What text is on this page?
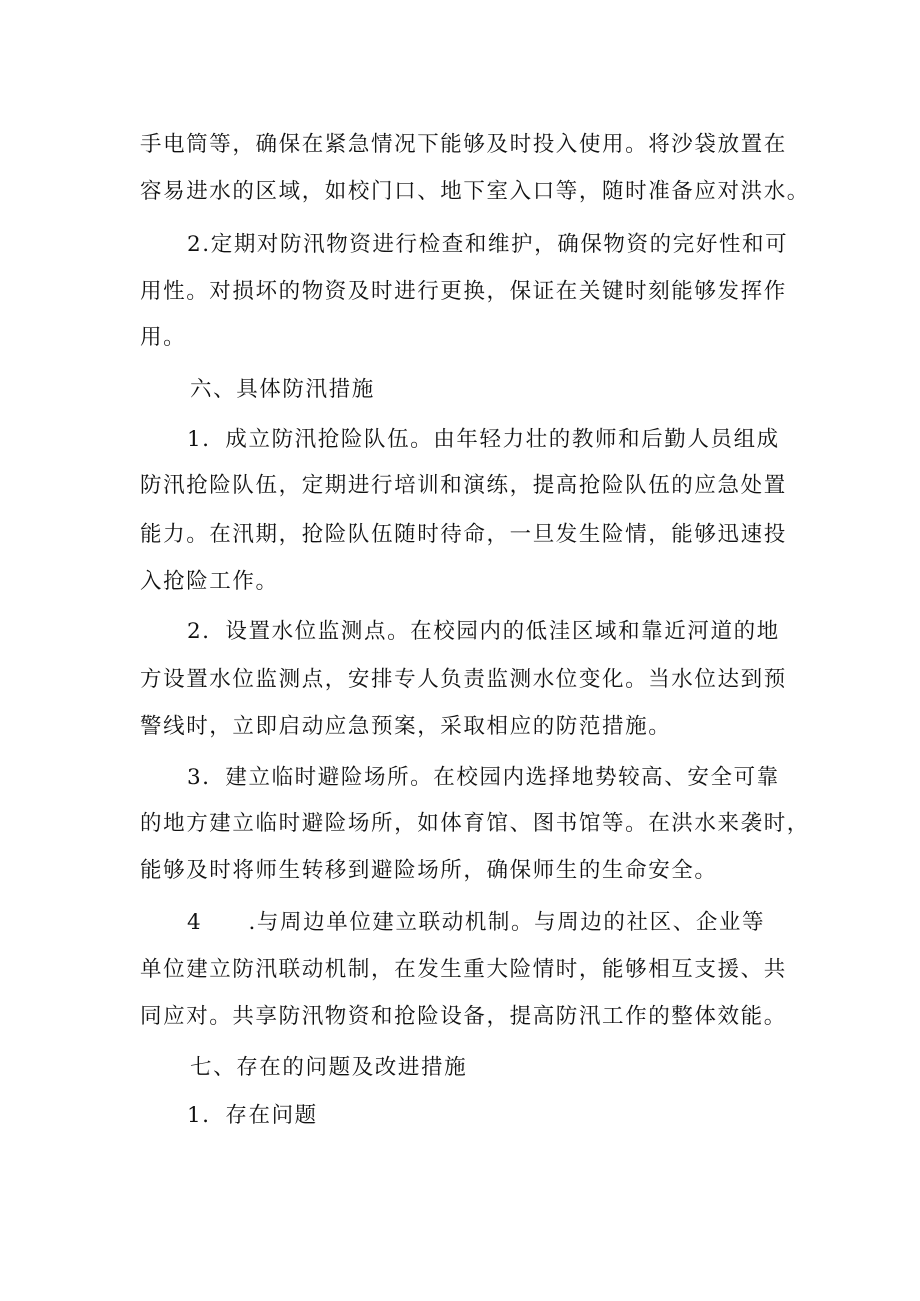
手电筒等，确保在紧急情况下能够及时投入使用。将沙袋放置在
容易进水的区域，如校门口、地下室入口等，随时准备应对洪水。
2.定期对防汛物资进行检查和维护，确保物资的完好性和可
用性。对损坏的物资及时进行更换，保证在关键时刻能够发挥作
用。
六、具体防汛措施
1．成立防汛抢险队伍。由年轻力壮的教师和后勤人员组成
防汛抢险队伍，定期进行培训和演练，提高抢险队伍的应急处置
能力。在汛期，抢险队伍随时待命，一旦发生险情，能够迅速投
入抢险工作。
2．设置水位监测点。在校园内的低洼区域和靠近河道的地
方设置水位监测点，安排专人负责监测水位变化。当水位达到预
警线时，立即启动应急预案，采取相应的防范措施。
3．建立临时避险场所。在校园内选择地势较高、安全可靠
的地方建立临时避险场所，如体育馆、图书馆等。在洪水来袭时，
能够及时将师生转移到避险场所，确保师生的生命安全。
4　　.与周边单位建立联动机制。与周边的社区、企业等
单位建立防汛联动机制，在发生重大险情时，能够相互支援、共
同应对。共享防汛物资和抢险设备，提高防汛工作的整体效能。
七、存在的问题及改进措施
1．存在问题
